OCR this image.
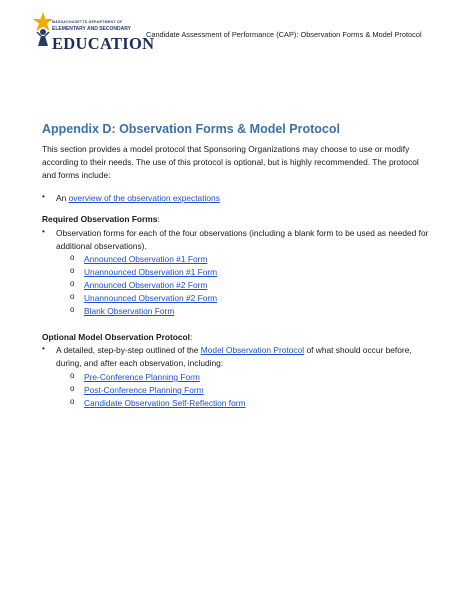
MASSACHUSETTS DEPARTMENT OF
ELEMENTARY AND SECONDARY
EDUCATION
Candidate Assessment of Performance (CAP): Observation Forms & Model Protocol
Appendix D: Observation Forms & Model Protocol
This section provides a model protocol that Sponsoring Organizations may choose to use or modify according to their needs. The use of this protocol is optional, but is highly recommended. The protocol and forms include:
• An overview of the observation expectations
Required Observation Forms:
• Observation forms for each of the four observations (including a blank form to be used as needed for additional observations).
o Announced Observation #1 Form
o Unannounced Observation #1 Form
o Announced Observation #2 Form
o Unannounced Observation #2 Form
o Blank Observation Form
Optional Model Observation Protocol:
• A detailed, step-by-step outlined of the Model Observation Protocol of what should occur before, during, and after each observation, including:
o Pre-Conference Planning Form
o Post-Conference Planning Form
o Candidate Observation Self-Reflection form
